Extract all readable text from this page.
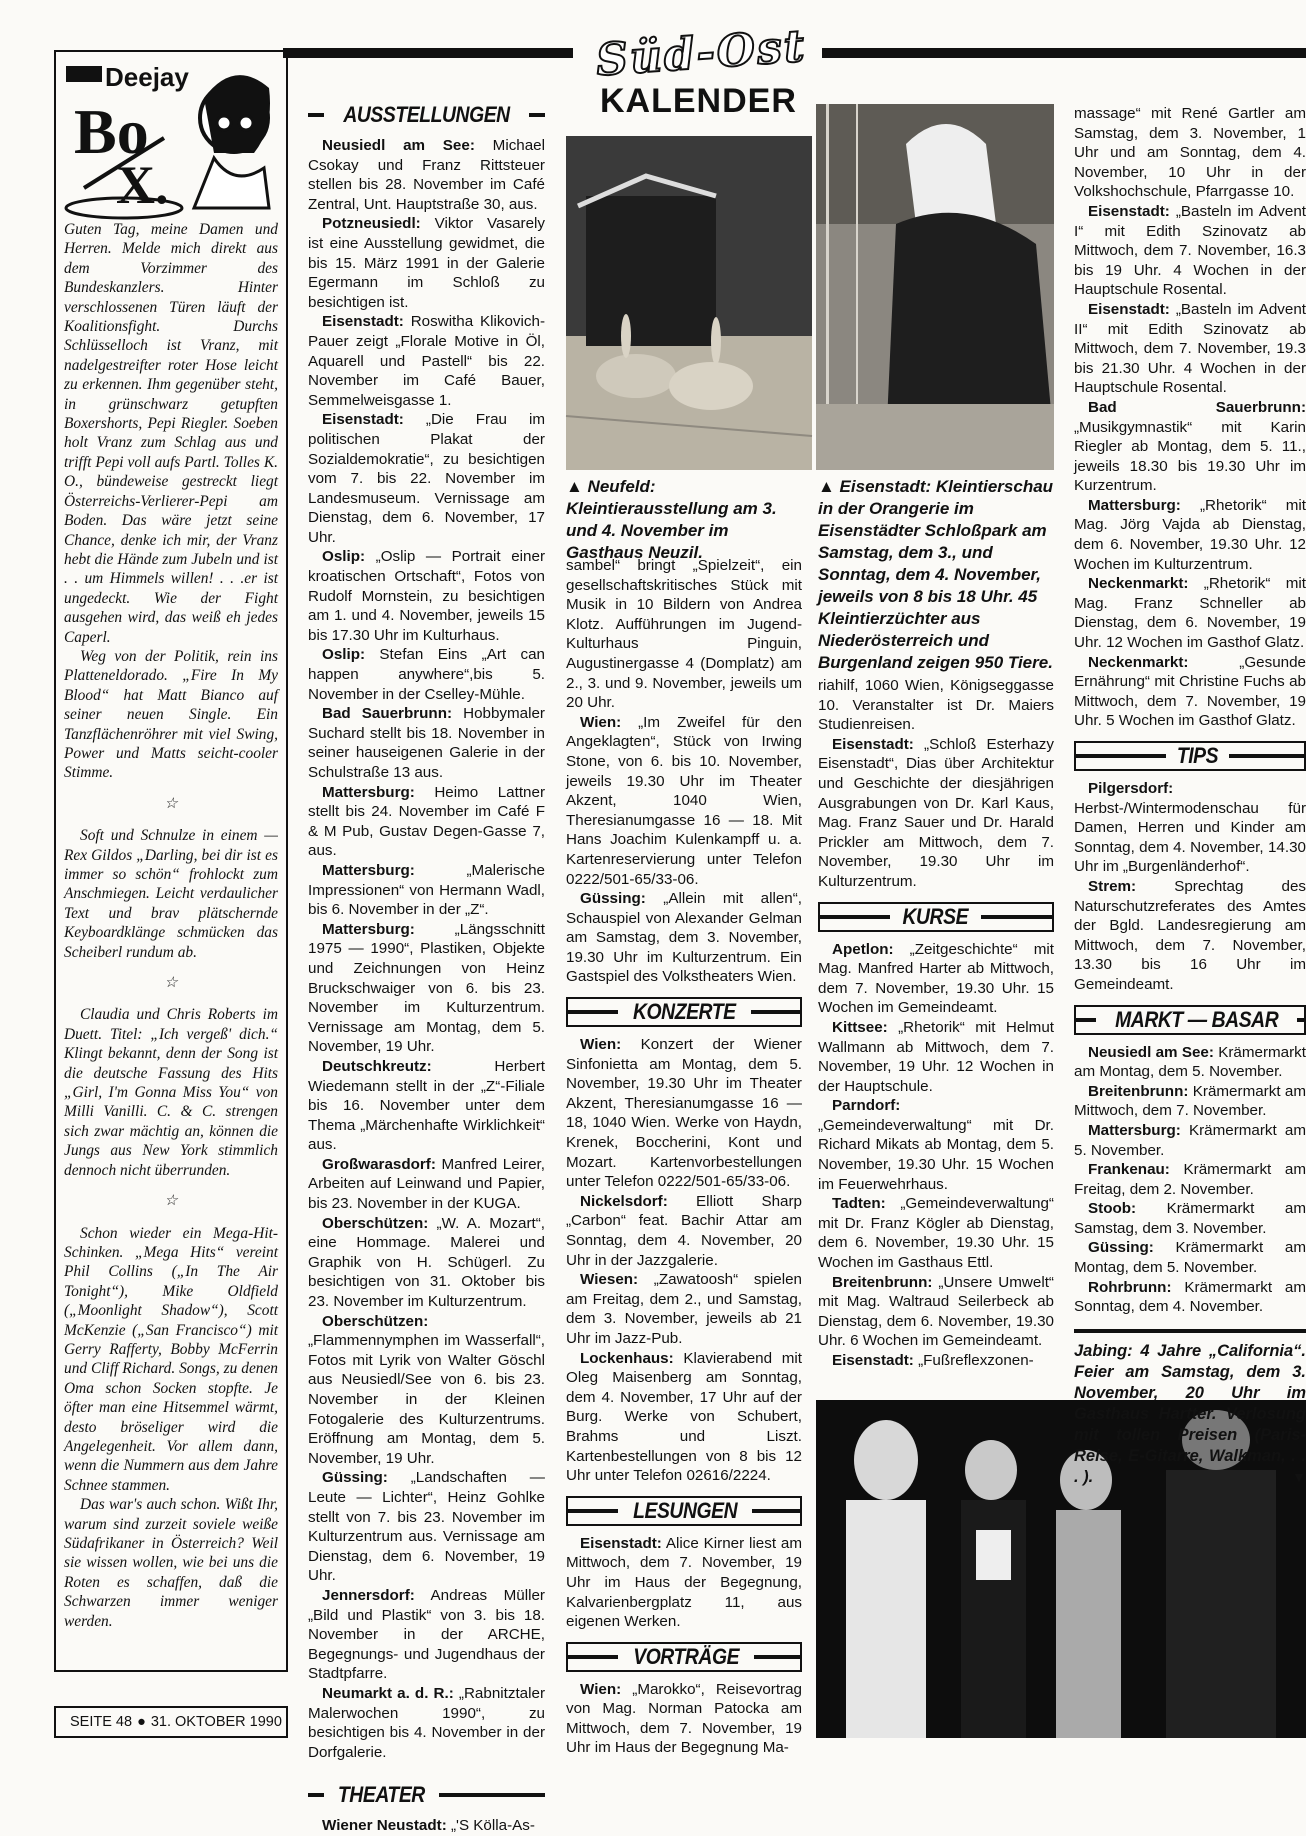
Süd-Ost
KALENDER
Deejay
Bo
X.

Guten Tag, meine Damen und Herren. Melde mich direkt aus dem Vorzimmer des Bundeskanzlers. Hinter verschlossenen Türen läuft der Koalitionsfight. Durchs Schlüsselloch ist Vranz, mit nadelgestreifter roter Hose leicht zu erkennen. Ihm gegenüber steht, in grünschwarz getupften Boxershorts, Pepi Riegler. Soeben holt Vranz zum Schlag aus und trifft Pepi voll aufs Partl. Tolles K. O., bündeweise gestreckt liegt Österreichs-Verlierer-Pepi am Boden. Das wäre jetzt seine Chance, denke ich mir, der Vranz hebt die Hände zum Jubeln und ist . . um Himmels willen! . . .er ist ungedeckt. Wie der Fight ausgehen wird, das weiß eh jedes Caperl.

Weg von der Politik, rein ins Platteneldorado. „Fire In My Blood“ hat Matt Bianco auf seiner neuen Single. Ein Tanzflächenröhrer mit viel Swing, Power und Matts seicht-cooler Stimme.

☆

Soft und Schnulze in einem — Rex Gildos „Darling, bei dir ist es immer so schön“ frohlockt zum Anschmiegen. Leicht verdaulicher Text und brav plätschernde Keyboardklänge schmücken das Scheiberl rundum ab.

☆

Claudia und Chris Roberts im Duett. Titel: „Ich vergeß' dich.“ Klingt bekannt, denn der Song ist die deutsche Fassung des Hits „Girl, I'm Gonna Miss You“ von Milli Vanilli. C. & C. strengen sich zwar mächtig an, können die Jungs aus New York stimmlich dennoch nicht überrunden.

☆

Schon wieder ein Mega-Hit-Schinken. „Mega Hits“ vereint Phil Collins („In The Air Tonight“), Mike Oldfield („Moonlight Shadow“), Scott McKenzie („San Francisco“) mit Gerry Rafferty, Bobby McFerrin und Cliff Richard. Songs, zu denen Oma schon Socken stopfte. Je öfter man eine Hitsemmel wärmt, desto bröseliger wird die Angelegenheit. Vor allem dann, wenn die Nummern aus dem Jahre Schnee stammen.

Das war's auch schon. Wißt Ihr, warum sind zurzeit soviele weiße Südafrikaner in Österreich? Weil sie wissen wollen, wie bei uns die Roten es schaffen, daß die Schwarzen immer weniger werden.

SEITE 48 ● 31. OKTOBER 1990
AUSSTELLUNGEN

Neusiedl am See: Michael Csokay und Franz Rittsteuer stellen bis 28. November im Café Zentral, Unt. Hauptstraße 30, aus.

Potzneusiedl: Viktor Vasarely ist eine Ausstellung gewidmet, die bis 15. März 1991 in der Galerie Egermann im Schloß zu besichtigen ist.

Eisenstadt: Roswitha Klikovich-Pauer zeigt „Florale Motive in Öl, Aquarell und Pastell“ bis 22. November im Café Bauer, Semmelweisgasse 1.

Eisenstadt: „Die Frau im politischen Plakat der Sozialdemokratie“, zu besichtigen vom 7. bis 22. November im Landesmuseum. Vernissage am Dienstag, dem 6. November, 17 Uhr.

Oslip: „Oslip — Portrait einer kroatischen Ortschaft“, Fotos von Rudolf Mornstein, zu besichtigen am 1. und 4. November, jeweils 15 bis 17.30 Uhr im Kulturhaus.

Oslip: Stefan Eins „Art can happen anywhere“,bis 5. November in der Cselley-Mühle.

Bad Sauerbrunn: Hobbymaler Suchard stellt bis 18. November in seiner hauseigenen Galerie in der Schulstraße 13 aus.

Mattersburg: Heimo Lattner stellt bis 24. November im Café F & M Pub, Gustav Degen-Gasse 7, aus.

Mattersburg: „Malerische Impressionen“ von Hermann Wadl, bis 6. November in der „Z“.

Mattersburg: „Längsschnitt 1975 — 1990“, Plastiken, Objekte und Zeichnungen von Heinz Bruckschwaiger von 6. bis 23. November im Kulturzentrum. Vernissage am Montag, dem 5. November, 19 Uhr.

Deutschkreutz: Herbert Wiedemann stellt in der „Z“-Filiale bis 16. November unter dem Thema „Märchenhafte Wirklichkeit“ aus.

Großwarasdorf: Manfred Leirer, Arbeiten auf Leinwand und Papier, bis 23. November in der KUGA.

Oberschützen: „W. A. Mozart“, eine Hommage. Malerei und Graphik von H. Schügerl. Zu besichtigen von 31. Oktober bis 23. November im Kulturzentrum.

Oberschützen: „Flammennymphen im Wasserfall“, Fotos mit Lyrik von Walter Göschl aus Neusiedl/See von 6. bis 23. November in der Kleinen Fotogalerie des Kulturzentrums. Eröffnung am Montag, dem 5. November, 19 Uhr.

Güssing: „Landschaften — Leute — Lichter“, Heinz Gohlke stellt von 7. bis 23. November im Kulturzentrum aus. Vernissage am Dienstag, dem 6. November, 19 Uhr.

Jennersdorf: Andreas Müller „Bild und Plastik“ von 3. bis 18. November in der ARCHE, Begegnungs- und Jugendhaus der Stadtpfarre.

Neumarkt a. d. R.: „Rabnitztaler Malerwochen 1990“, zu besichtigen bis 4. November in der Dorfgalerie.

THEATER

Wiener Neustadt: „'S Kölla-As-

▲ Neufeld: Kleintierausstellung am 3. und 4. November im Gasthaus Neuzil.
▲ Eisenstadt: Kleintierschau in der Orangerie im Eisenstädter Schloßpark am Samstag, dem 3., und Sonntag, dem 4. November, jeweils von 8 bis 18 Uhr. 45 Kleintierzüchter aus Niederösterreich und Burgenland zeigen 950 Tiere.

sambel“ bringt „Spielzeit“, ein gesellschaftskritisches Stück mit Musik in 10 Bildern von Andrea Klotz. Aufführungen im Jugend-Kulturhaus Pinguin, Augustinergasse 4 (Domplatz) am 2., 3. und 9. November, jeweils um 20 Uhr.

Wien: „Im Zweifel für den Angeklagten“, Stück von Irwing Stone, von 6. bis 10. November, jeweils 19.30 Uhr im Theater Akzent, 1040 Wien, Theresianumgasse 16 — 18. Mit Hans Joachim Kulenkampff u. a. Kartenreservierung unter Telefon 0222/501-65/33-06.

Güssing: „Allein mit allen“, Schauspiel von Alexander Gelman am Samstag, dem 3. November, 19.30 Uhr im Kulturzentrum. Ein Gastspiel des Volkstheaters Wien.

KONZERTE

Wien: Konzert der Wiener Sinfonietta am Montag, dem 5. November, 19.30 Uhr im Theater Akzent, Theresianumgasse 16 — 18, 1040 Wien. Werke von Haydn, Krenek, Boccherini, Kont und Mozart. Kartenvorbestellungen unter Telefon 0222/501-65/33-06.

Nickelsdorf: Elliott Sharp „Carbon“ feat. Bachir Attar am Sonntag, dem 4. November, 20 Uhr in der Jazzgalerie.

Wiesen: „Zawatoosh“ spielen am Freitag, dem 2., und Samstag, dem 3. November, jeweils ab 21 Uhr im Jazz-Pub.

Lockenhaus: Klavierabend mit Oleg Maisenberg am Sonntag, dem 4. November, 17 Uhr auf der Burg. Werke von Schubert, Brahms und Liszt. Kartenbestellungen von 8 bis 12 Uhr unter Telefon 02616/2224.

LESUNGEN

Eisenstadt: Alice Kirner liest am Mittwoch, dem 7. November, 19 Uhr im Haus der Begegnung, Kalvarienbergplatz 11, aus eigenen Werken.

VORTRÄGE

Wien: „Marokko“, Reisevortrag von Mag. Norman Patocka am Mittwoch, dem 7. November, 19 Uhr im Haus der Begegnung Ma-

riahilf, 1060 Wien, Königseggasse 10. Veranstalter ist Dr. Maiers Studienreisen.

Eisenstadt: „Schloß Esterhazy Eisenstadt“, Dias über Architektur und Geschichte der diesjährigen Ausgrabungen von Dr. Karl Kaus, Mag. Franz Sauer und Dr. Harald Prickler am Mittwoch, dem 7. November, 19.30 Uhr im Kulturzentrum.

KURSE

Apetlon: „Zeitgeschichte“ mit Mag. Manfred Harter ab Mittwoch, dem 7. November, 19.30 Uhr. 15 Wochen im Gemeindeamt.

Kittsee: „Rhetorik“ mit Helmut Wallmann ab Mittwoch, dem 7. November, 19 Uhr. 12 Wochen in der Hauptschule.

Parndorf: „Gemeindeverwaltung“ mit Dr. Richard Mikats ab Montag, dem 5. November, 19.30 Uhr. 15 Wochen im Feuerwehrhaus.

Tadten: „Gemeindeverwaltung“ mit Dr. Franz Kögler ab Dienstag, dem 6. November, 19.30 Uhr. 15 Wochen im Gasthaus Ettl.

Breitenbrunn: „Unsere Umwelt“ mit Mag. Waltraud Seilerbeck ab Dienstag, dem 6. November, 19.30 Uhr. 6 Wochen im Gemeindeamt.

Eisenstadt: „Fußreflexzonen-

massage“ mit René Gartler am Samstag, dem 3. November, 1 Uhr und am Sonntag, dem 4. November, 10 Uhr in der Volkshochschule, Pfarrgasse 10.

Eisenstadt: „Basteln im Advent I“ mit Edith Szinovatz ab Mittwoch, dem 7. November, 16.3 bis 19 Uhr. 4 Wochen in der Hauptschule Rosental.

Eisenstadt: „Basteln im Advent II“ mit Edith Szinovatz ab Mittwoch, dem 7. November, 19.3 bis 21.30 Uhr. 4 Wochen in der Hauptschule Rosental.

Bad Sauerbrunn: „Musikgymnastik“ mit Karin Riegler ab Montag, dem 5. 11., jeweils 18.30 bis 19.30 Uhr im Kurzentrum.

Mattersburg: „Rhetorik“ mit Mag. Jörg Vajda ab Dienstag, dem 6. November, 19.30 Uhr. 12 Wochen im Kulturzentrum.

Neckenmarkt: „Rhetorik“ mit Mag. Franz Schneller ab Dienstag, dem 6. November, 19 Uhr. 12 Wochen im Gasthof Glatz.

Neckenmarkt: „Gesunde Ernährung“ mit Christine Fuchs ab Mittwoch, dem 7. November, 19 Uhr. 5 Wochen im Gasthof Glatz.

TIPS

Pilgersdorf: Herbst-/Wintermodenschau für Damen, Herren und Kinder am Sonntag, dem 4. November, 14.30 Uhr im „Burgenländerhof“.

Strem: Sprechtag des Naturschutzreferates des Amtes der Bgld. Landesregierung am Mittwoch, dem 7. November, 13.30 bis 16 Uhr im Gemeindeamt.

MARKT — BASAR

Neusiedl am See: Krämermarkt am Montag, dem 5. November.

Breitenbrunn: Krämermarkt am Mittwoch, dem 7. November.

Mattersburg: Krämermarkt am 5. November.

Frankenau: Krämermarkt am Freitag, dem 2. November.

Stoob: Krämermarkt am Samstag, dem 3. November.

Güssing: Krämermarkt am Montag, dem 5. November.

Rohrbrunn: Krämermarkt am Sonntag, dem 4. November.

Jabing: 4 Jahre „California“. Feier am Samstag, dem 3. November, 20 Uhr im Gasthaus Hartter. Verlosung mit tollen Preisen (Paris-Reise, E-Gitarre, Walkman, . . . ).	▼
